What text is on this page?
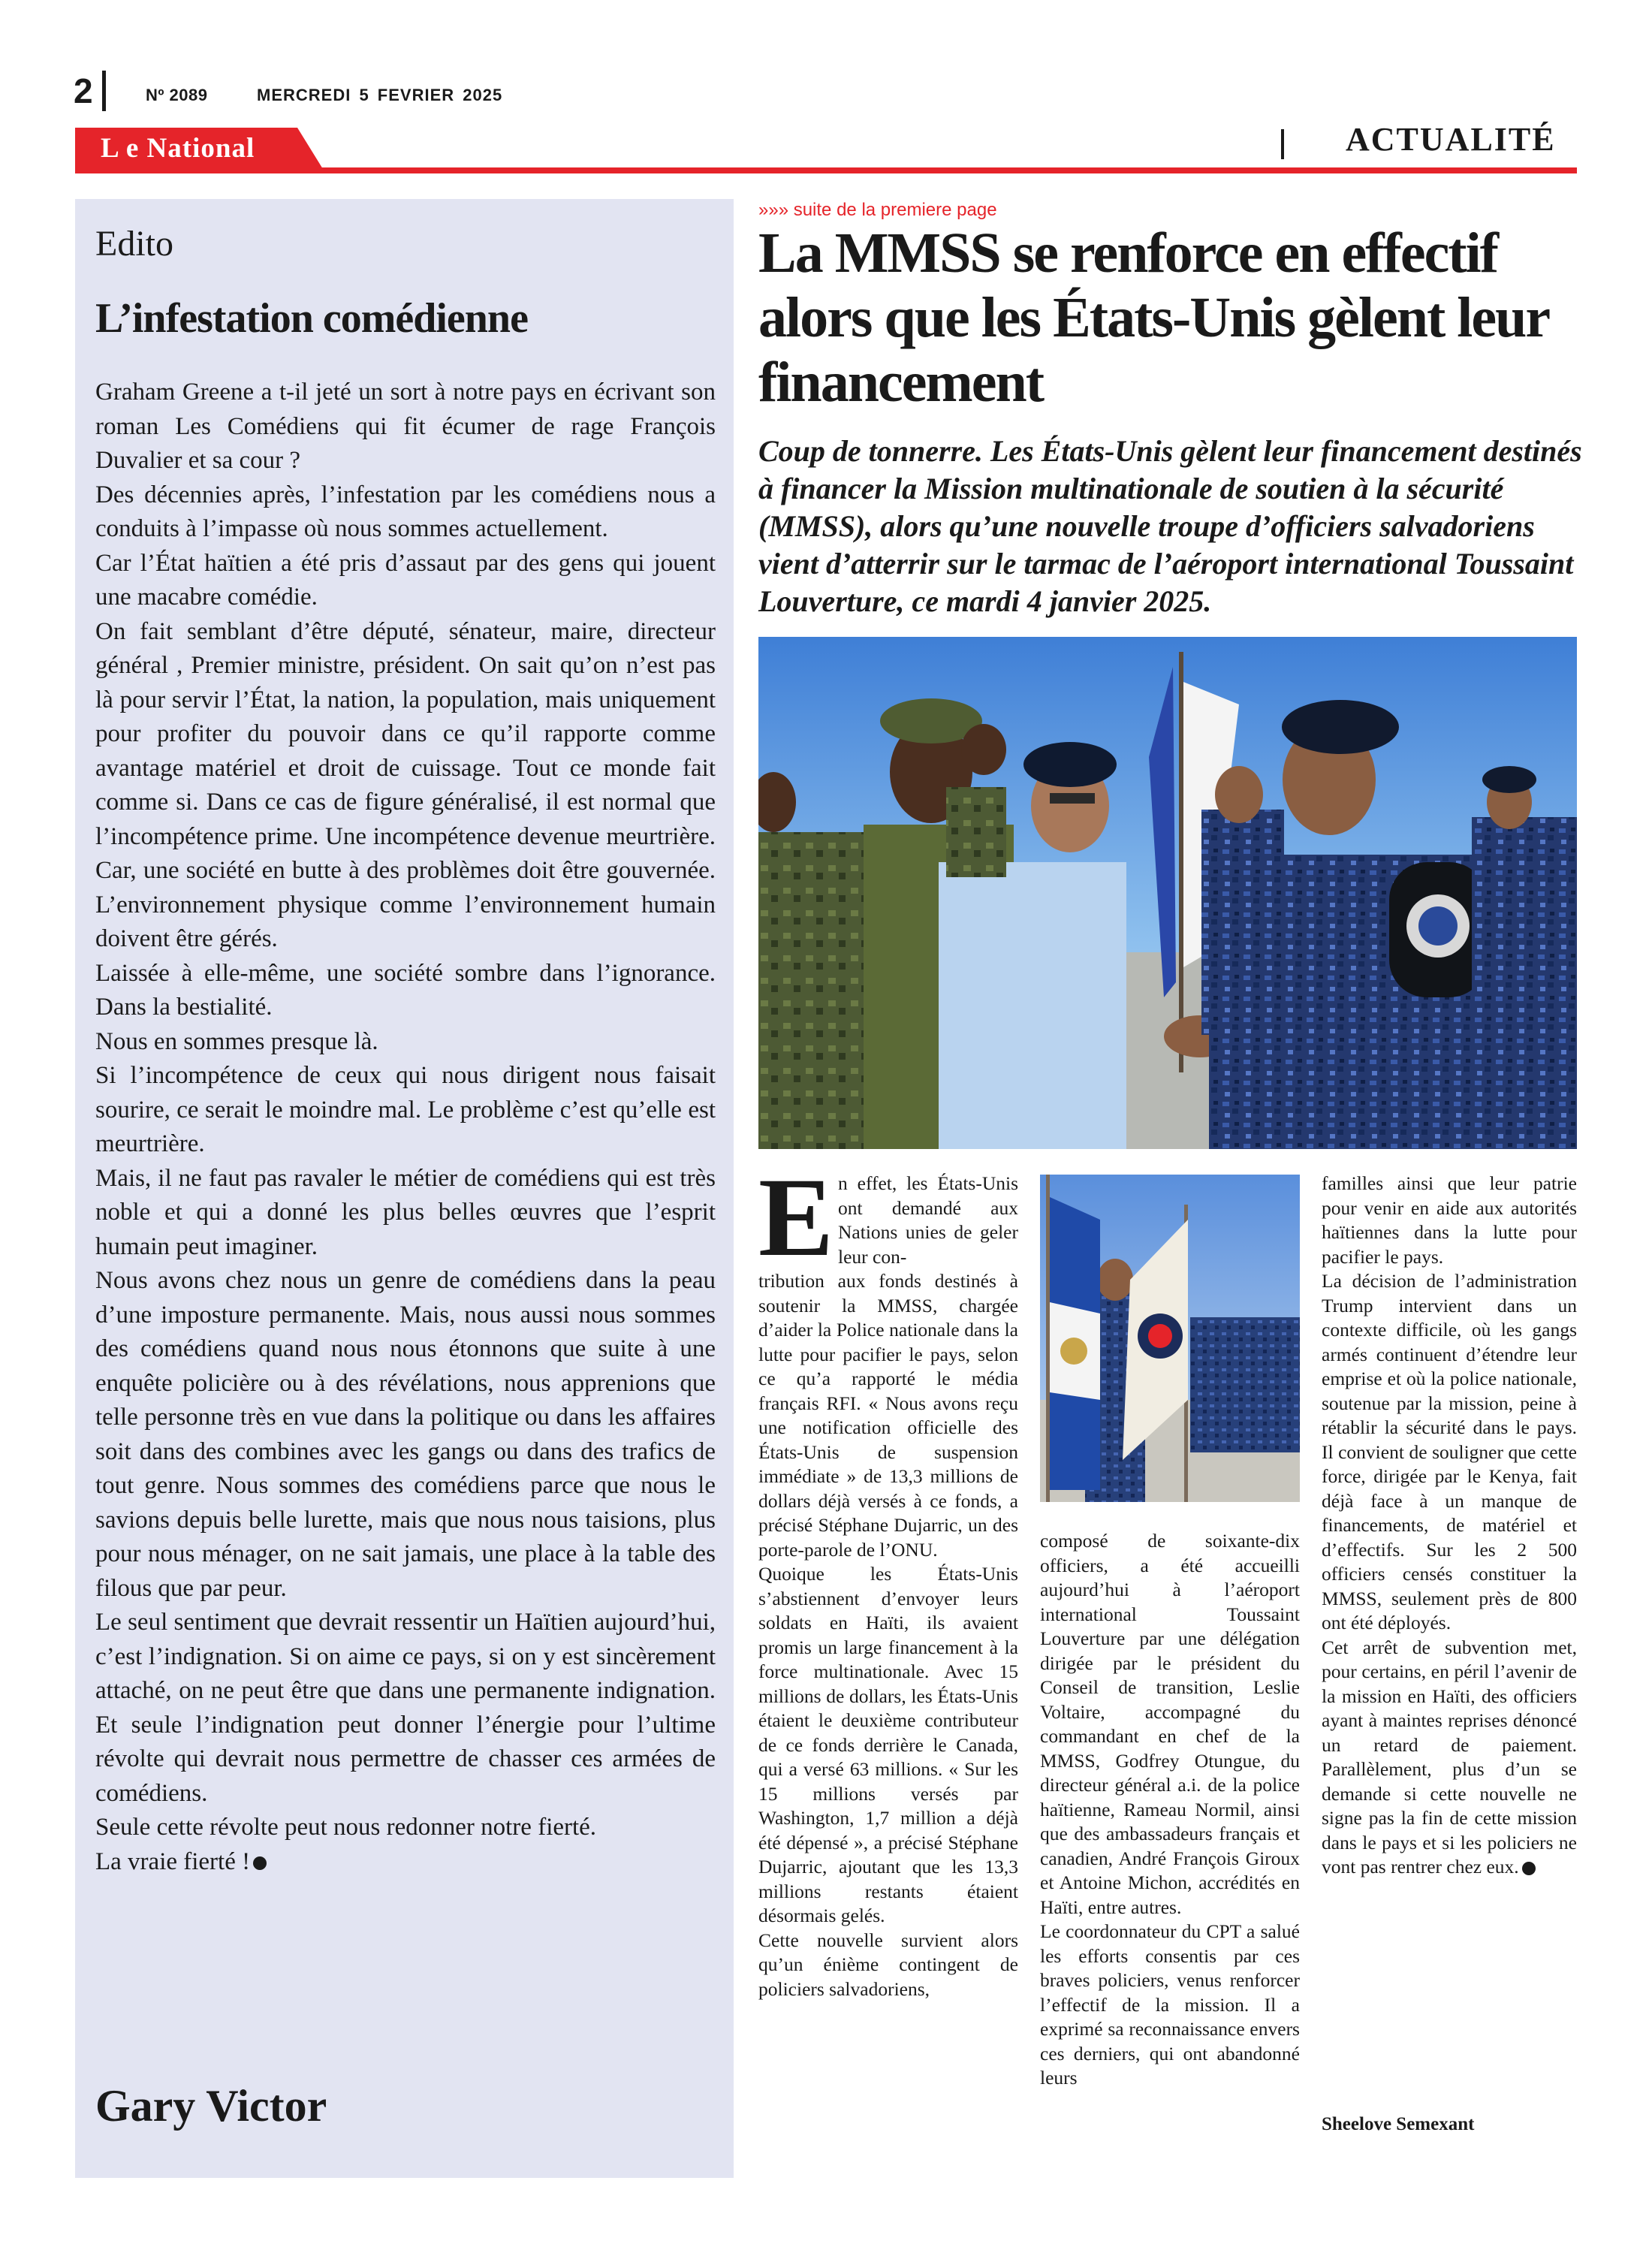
2	Nº 2089	MERCREDI 5 FEVRIER 2025
L e National	ACTUALITÉ
Edito
L’infestation comédienne

Graham Greene a t-il jeté un sort à notre pays en écrivant son roman Les Comédiens qui fit écumer de rage François Duvalier et sa cour ?

Des décennies après, l’infestation par les comédiens nous a conduits à l’impasse où nous sommes actuellement.

Car l’État haïtien a été pris d’assaut par des gens qui jouent une macabre comédie.

On fait semblant d’être député, sénateur, maire, directeur général , Premier ministre, président. On sait qu’on n’est pas là pour servir l’État, la nation, la population, mais uniquement pour profiter du pouvoir dans ce qu’il rapporte comme avantage matériel et droit de cuissage. Tout ce monde fait comme si. Dans ce cas de figure généralisé, il est normal que l’incompétence prime. Une incompétence devenue meurtrière. Car, une société en butte à des problèmes doit être gouvernée. L’environnement physique comme l’environnement humain doivent être gérés.

Laissée à elle-même, une société sombre dans l’ignorance. Dans la bestialité.

Nous en sommes presque là.

Si l’incompétence de ceux qui nous dirigent nous faisait sourire, ce serait le moindre mal. Le problème c’est qu’elle est meurtrière.

Mais, il ne faut pas ravaler le métier de comédiens qui est très noble et qui a donné les plus belles œuvres que l’esprit humain peut imaginer.

Nous avons chez nous un genre de comédiens dans la peau d’une imposture permanente. Mais, nous aussi nous sommes des comédiens quand nous nous étonnons que suite à une enquête policière ou à des révélations, nous apprenions que telle personne très en vue dans la politique ou dans les affaires soit dans des combines avec les gangs ou dans des trafics de tout genre. Nous sommes des comédiens parce que nous le savions depuis belle lurette, mais que nous nous taisions, plus pour nous ménager, on ne sait jamais, une place à la table des filous que par peur.

Le seul sentiment que devrait ressentir un Haïtien aujourd’hui, c’est l’indignation. Si on aime ce pays, si on y est sincèrement attaché, on ne peut être que dans une permanente indignation. Et seule l’indignation peut donner l’énergie pour l’ultime révolte qui devrait nous permettre de chasser ces armées de comédiens.

Seule cette révolte peut nous redonner notre fierté.

La vraie fierté !

Gary Victor
»»» suite de la premiere page
La MMSS se renforce en effectif alors que les États-Unis gèlent leur financement
Coup de tonnerre. Les États-Unis gèlent leur financement destinés à financer la Mission multinationale de soutien à la sécurité (MMSS), alors qu’une nouvelle troupe d’officiers salvadoriens vient d’atterrir sur le tarmac de l’aéroport international Toussaint Louverture, ce mardi 4 janvier 2025.
E n effet, les États-Unis ont demandé aux Nations unies de geler leur con-

tribution aux fonds destinés à soutenir la MMSS, chargée d’aider la Police nationale dans la lutte pour pacifier le pays, selon ce qu’a rapporté le média français RFI. « Nous avons reçu une notification officielle des États-Unis de suspension immédiate » de 13,3 millions de dollars déjà versés à ce fonds, a précisé Stéphane Dujarric, un des porte-parole de l’ONU.

Quoique les États-Unis s’abstiennent d’envoyer leurs soldats en Haïti, ils avaient promis un large financement à la force multinationale. Avec 15 millions de dollars, les États-Unis étaient le deuxième contributeur de ce fonds derrière le Canada, qui a versé 63 millions. « Sur les 15 millions versés par Washington, 1,7 million a déjà été dépensé », a précisé Stéphane Dujarric, ajoutant que les 13,3 millions restants étaient désormais gelés.

Cette nouvelle survient alors qu’un énième contingent de policiers salvadoriens,

composé de soixante-dix officiers, a été accueilli aujourd’hui à l’aéroport international Toussaint Louverture par une délégation dirigée par le président du Conseil de transition, Leslie Voltaire, accompagné du commandant en chef de la MMSS, Godfrey Otungue, du directeur général a.i. de la police haïtienne, Rameau Normil, ainsi que des ambassadeurs français et canadien, André François Giroux et Antoine Michon, accrédités en Haïti, entre autres.

Le coordonnateur du CPT a salué les efforts consentis par ces braves policiers, venus renforcer l’effectif de la mission. Il a exprimé sa reconnaissance envers ces derniers, qui ont abandonné leurs

familles ainsi que leur patrie pour venir en aide aux autorités haïtiennes dans la lutte pour pacifier le pays.

La décision de l’administration Trump intervient dans un contexte difficile, où les gangs armés continuent d’étendre leur emprise et où la police nationale, soutenue par la mission, peine à rétablir la sécurité dans le pays. Il convient de souligner que cette force, dirigée par le Kenya, fait déjà face à un manque de financements, de matériel et d’effectifs. Sur les 2 500 officiers censés constituer la MMSS, seulement près de 800 ont été déployés.

Cet arrêt de subvention met, pour certains, en péril l’avenir de la mission en Haïti, des officiers ayant à maintes reprises dénoncé un retard de paiement. Parallèlement, plus d’un se demande si cette nouvelle ne signe pas la fin de cette mission dans le pays et si les policiers ne vont pas rentrer chez eux.

Sheelove Semexant
